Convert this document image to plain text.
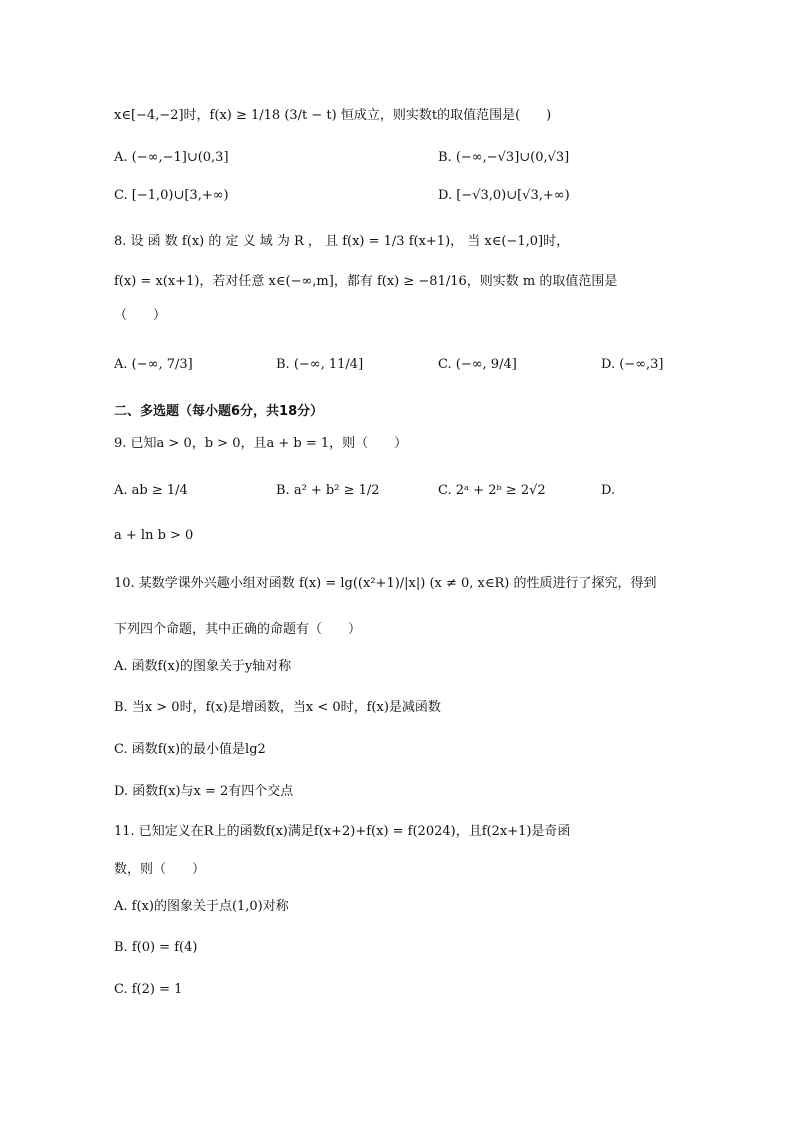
x∈[−4,−2]时，f(x) ≥ 1/18 (3/t − t) 恒成立，则实数t的取值范围是(　　)
A. (−∞,−1]∪(0,3]	B. (−∞,−√3]∪(0,√3]
C. [−1,0)∪[3,+∞)	D. [−√3,0)∪[√3,+∞)
8. 设 函 数 f(x) 的 定 义 域 为 R ， 且 f(x) = 1/3 f(x+1)， 当 x∈(−1,0]时，
f(x) = x(x+1)，若对任意 x∈(−∞,m]，都有 f(x) ≥ −81/16，则实数 m 的取值范围是
（　　）
A. (−∞, 7/3]	B. (−∞, 11/4]	C. (−∞, 9/4]	D. (−∞,3]
二、多选题（每小题6分，共18分）
9. 已知a > 0，b > 0，且a + b = 1，则（　　）
A. ab ≥ 1/4	B. a² + b² ≥ 1/2	C. 2ᵃ + 2ᵇ ≥ 2√2	D.
a + ln b > 0
10. 某数学课外兴趣小组对函数 f(x) = lg((x²+1)/|x|) (x ≠ 0, x∈R) 的性质进行了探究，得到
下列四个命题，其中正确的命题有（　　）
A. 函数f(x)的图象关于y轴对称
B. 当x > 0时，f(x)是增函数，当x < 0时，f(x)是减函数
C. 函数f(x)的最小值是lg2
D. 函数f(x)与x = 2有四个交点
11. 已知定义在R上的函数f(x)满足f(x+2)+f(x) = f(2024)，且f(2x+1)是奇函
数，则（　　）
A. f(x)的图象关于点(1,0)对称
B. f(0) = f(4)
C. f(2) = 1
